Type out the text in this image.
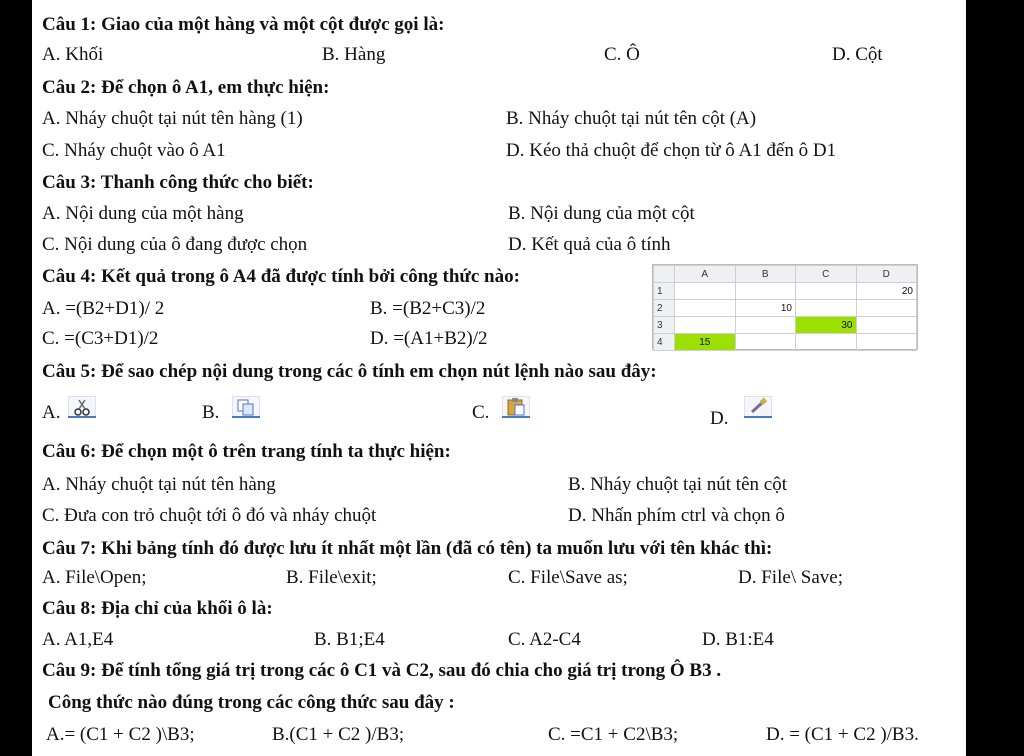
Câu 1: Giao của một hàng và một cột được gọi là:
A. Khối	B. Hàng	C. Ô	D. Cột
Câu 2: Để chọn ô A1, em thực hiện:
A. Nháy chuột tại nút tên hàng (1)	B. Nháy chuột tại nút tên cột (A)
C. Nháy chuột vào ô A1	D. Kéo thả chuột để chọn từ ô A1 đến ô D1
Câu 3: Thanh công thức cho biết:
A. Nội dung của một hàng	B. Nội dung của một cột
C. Nội dung của ô đang được chọn	D. Kết quả của ô tính
Câu 4: Kết quả trong ô A4 đã được tính bởi công thức nào:
A. =(B2+D1)/ 2	B. =(B2+C3)/2
C. =(C3+D1)/2	D. =(A1+B2)/2
	A	B	C	D
1				20
2		10		
3			30	
4	15			
Câu 5: Để sao chép nội dung trong các ô tính em chọn nút lệnh nào sau đây:
A.	B.	C.	D.
Câu 6: Để chọn một ô trên trang tính ta thực hiện:
A. Nháy chuột tại nút tên hàng	B. Nháy chuột tại nút tên cột
C. Đưa con trỏ chuột tới ô đó và nháy chuột	D. Nhấn phím ctrl và chọn ô
Câu 7: Khi bảng tính đó được lưu ít nhất một lần (đã có tên) ta muốn lưu với tên khác thì:
A. File\Open;	B. File\exit;	C. File\Save as;	D. File\ Save;
Câu 8: Địa chỉ của khối ô là:
A. A1,E4	B. B1;E4	C. A2-C4	D. B1:E4
Câu 9: Để tính tổng giá trị trong các ô C1 và C2, sau đó chia cho giá trị trong Ô B3 .
Công thức nào đúng trong các công thức sau đây :
A.= (C1 + C2 )\B3;	B.(C1 + C2 )/B3;	C. =C1 + C2\B3;	D. = (C1 + C2 )/B3.
